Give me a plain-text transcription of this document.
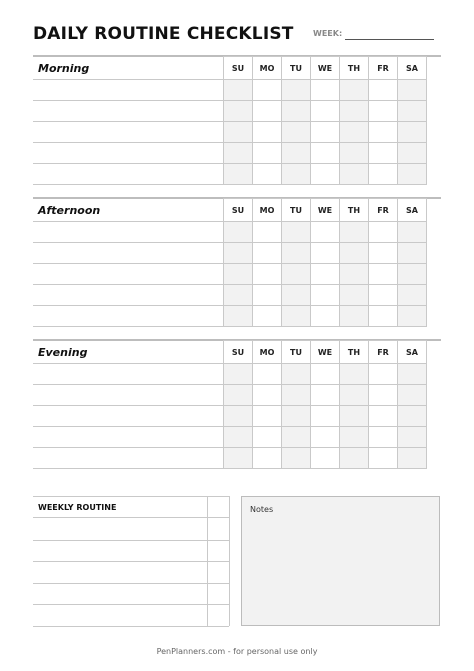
DAILY ROUTINE CHECKLIST WEEK:
Morning	SU	MO	TU	WE	TH	FR	SA

Afternoon	SU	MO	TU	WE	TH	FR	SA

Evening	SU	MO	TU	WE	TH	FR	SA

WEEKLY ROUTINE	Notes
PenPlanners.com - for personal use only
